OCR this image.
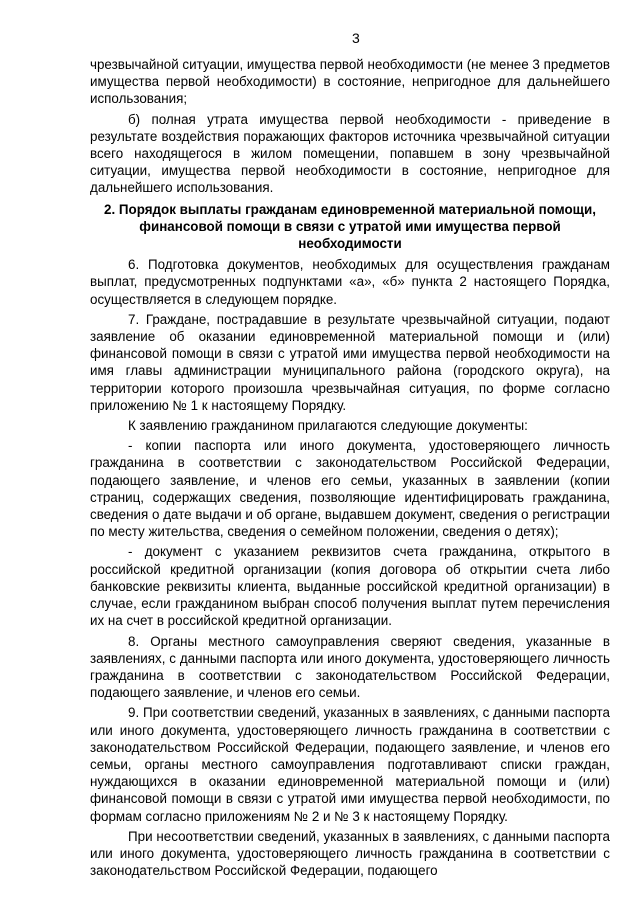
3

чрезвычайной ситуации, имущества первой необходимости (не менее 3 предметов имущества первой необходимости) в состояние, непригодное для дальнейшего использования;

б) полная утрата имущества первой необходимости - приведение в результате воздействия поражающих факторов источника чрезвычайной ситуации всего находящегося в жилом помещении, попавшем в зону чрезвычайной ситуации, имущества первой необходимости в состояние, непригодное для дальнейшего использования.

2. Порядок выплаты гражданам единовременной материальной помощи, финансовой помощи в связи с утратой ими имущества первой необходимости

6. Подготовка документов, необходимых для осуществления гражданам выплат, предусмотренных подпунктами «а», «б» пункта 2 настоящего Порядка, осуществляется в следующем порядке.

7. Граждане, пострадавшие в результате чрезвычайной ситуации, подают заявление об оказании единовременной материальной помощи и (или) финансовой помощи в связи с утратой ими имущества первой необходимости на имя главы администрации муниципального района (городского округа), на территории которого произошла чрезвычайная ситуация, по форме согласно приложению № 1 к настоящему Порядку.

К заявлению гражданином прилагаются следующие документы:

- копии паспорта или иного документа, удостоверяющего личность гражданина в соответствии с законодательством Российской Федерации, подающего заявление, и членов его семьи, указанных в заявлении (копии страниц, содержащих сведения, позволяющие идентифицировать гражданина, сведения о дате выдачи и об органе, выдавшем документ, сведения о регистрации по месту жительства, сведения о семейном положении, сведения о детях);

- документ с указанием реквизитов счета гражданина, открытого в российской кредитной организации (копия договора об открытии счета либо банковские реквизиты клиента, выданные российской кредитной организации) в случае, если гражданином выбран способ получения выплат путем перечисления их на счет в российской кредитной организации.

8. Органы местного самоуправления сверяют сведения, указанные в заявлениях, с данными паспорта или иного документа, удостоверяющего личность гражданина в соответствии с законодательством Российской Федерации, подающего заявление, и членов его семьи.

9. При соответствии сведений, указанных в заявлениях, с данными паспорта или иного документа, удостоверяющего личность гражданина в соответствии с законодательством Российской Федерации, подающего заявление, и членов его семьи, органы местного самоуправления подготавливают списки граждан, нуждающихся в оказании единовременной материальной помощи и (или) финансовой помощи в связи с утратой ими имущества первой необходимости, по формам согласно приложениям № 2 и № 3 к настоящему Порядку.

При несоответствии сведений, указанных в заявлениях, с данными паспорта или иного документа, удостоверяющего личность гражданина в соответствии с законодательством Российской Федерации, подающего
